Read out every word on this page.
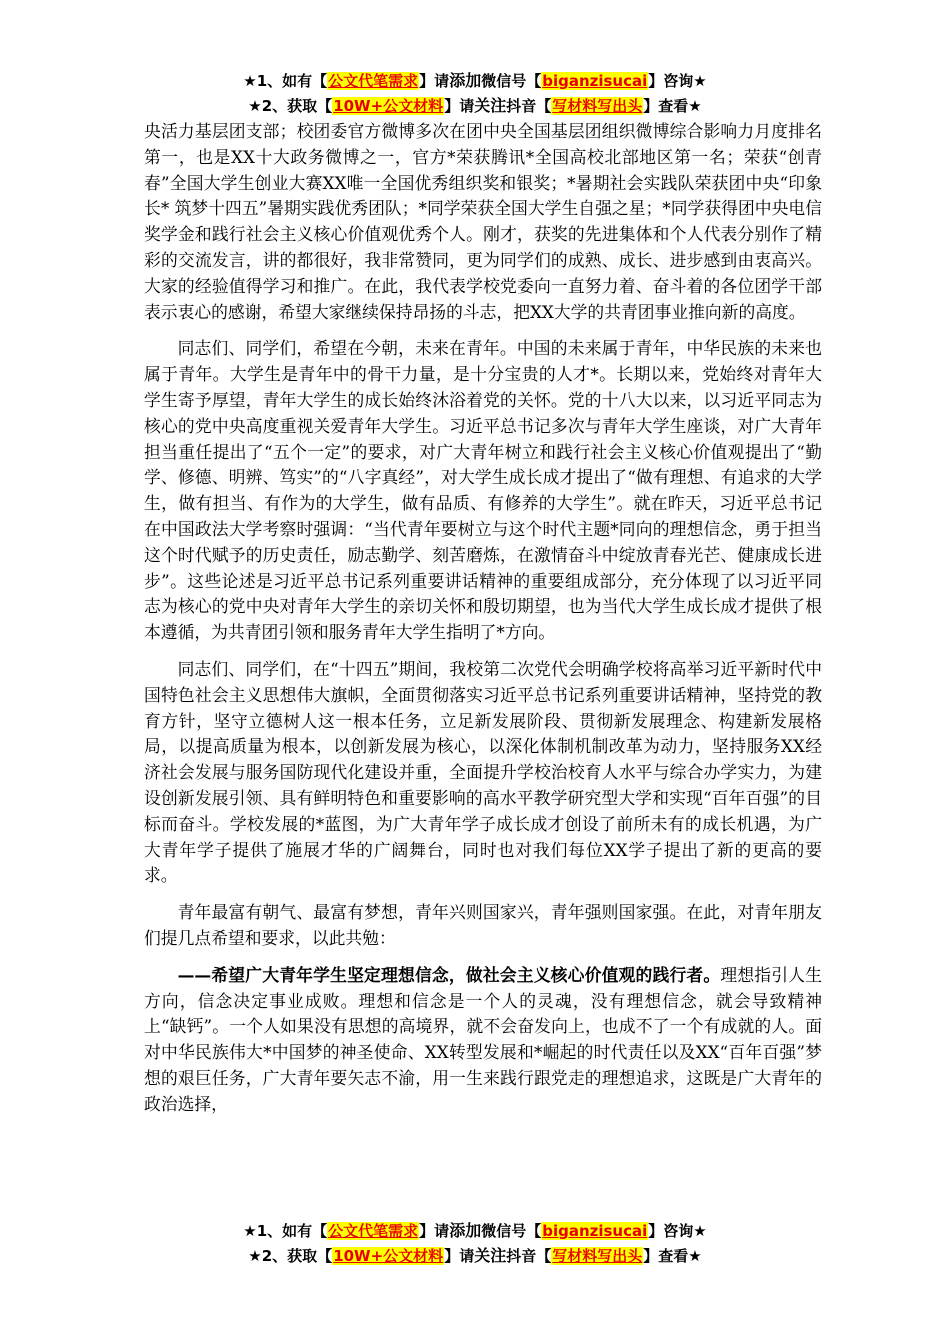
★1、如有【公文代笔需求】请添加微信号【biganzisucai】咨询★
★2、获取【10W+公文材料】请关注抖音【写材料写出头】查看★

央活力基层团支部；校团委官方微博多次在团中央全国基层团组织微博综合影响力月度排名第一，也是XX十大政务微博之一，官方*荣获腾讯*全国高校北部地区第一名；荣获“创青春”全国大学生创业大赛XX唯一全国优秀组织奖和银奖；*暑期社会实践队荣获团中央“印象长* 筑梦十四五”暑期实践优秀团队；*同学荣获全国大学生自强之星；*同学获得团中央电信奖学金和践行社会主义核心价值观优秀个人。刚才，获奖的先进集体和个人代表分别作了精彩的交流发言，讲的都很好，我非常赞同，更为同学们的成熟、成长、进步感到由衷高兴。大家的经验值得学习和推广。在此，我代表学校党委向一直努力着、奋斗着的各位团学干部表示衷心的感谢，希望大家继续保持昂扬的斗志，把XX大学的共青团事业推向新的高度。

同志们、同学们，希望在今朝，未来在青年。中国的未来属于青年，中华民族的未来也属于青年。大学生是青年中的骨干力量，是十分宝贵的人才*。长期以来，党始终对青年大学生寄予厚望，青年大学生的成长始终沐浴着党的关怀。党的十八大以来，以习近平同志为核心的党中央高度重视关爱青年大学生。习近平总书记多次与青年大学生座谈，对广大青年担当重任提出了“五个一定”的要求，对广大青年树立和践行社会主义核心价值观提出了“勤学、修德、明辨、笃实”的“八字真经”，对大学生成长成才提出了“做有理想、有追求的大学生，做有担当、有作为的大学生，做有品质、有修养的大学生”。就在昨天，习近平总书记在中国政法大学考察时强调：“当代青年要树立与这个时代主题*同向的理想信念，勇于担当这个时代赋予的历史责任，励志勤学、刻苦磨炼，在激情奋斗中绽放青春光芒、健康成长进步”。这些论述是习近平总书记系列重要讲话精神的重要组成部分，充分体现了以习近平同志为核心的党中央对青年大学生的亲切关怀和殷切期望，也为当代大学生成长成才提供了根本遵循，为共青团引领和服务青年大学生指明了*方向。

同志们、同学们，在“十四五”期间，我校第二次党代会明确学校将高举习近平新时代中国特色社会主义思想伟大旗帜，全面贯彻落实习近平总书记系列重要讲话精神，坚持党的教育方针，坚守立德树人这一根本任务，立足新发展阶段、贯彻新发展理念、构建新发展格局，以提高质量为根本，以创新发展为核心，以深化体制机制改革为动力，坚持服务XX经济社会发展与服务国防现代化建设并重，全面提升学校治校育人水平与综合办学实力，为建设创新发展引领、具有鲜明特色和重要影响的高水平教学研究型大学和实现“百年百强”的目标而奋斗。学校发展的*蓝图，为广大青年学子成长成才创设了前所未有的成长机遇，为广大青年学子提供了施展才华的广阔舞台，同时也对我们每位XX学子提出了新的更高的要求。

青年最富有朝气、最富有梦想，青年兴则国家兴，青年强则国家强。在此，对青年朋友们提几点希望和要求，以此共勉：

——希望广大青年学生坚定理想信念，做社会主义核心价值观的践行者。理想指引人生方向，信念决定事业成败。理想和信念是一个人的灵魂，没有理想信念，就会导致精神上“缺钙”。一个人如果没有思想的高境界，就不会奋发向上，也成不了一个有成就的人。面对中华民族伟大*中国梦的神圣使命、XX转型发展和*崛起的时代责任以及XX“百年百强”梦想的艰巨任务，广大青年要矢志不渝，用一生来践行跟党走的理想追求，这既是广大青年的政治选择，

★1、如有【公文代笔需求】请添加微信号【biganzisucai】咨询★
★2、获取【10W+公文材料】请关注抖音【写材料写出头】查看★
